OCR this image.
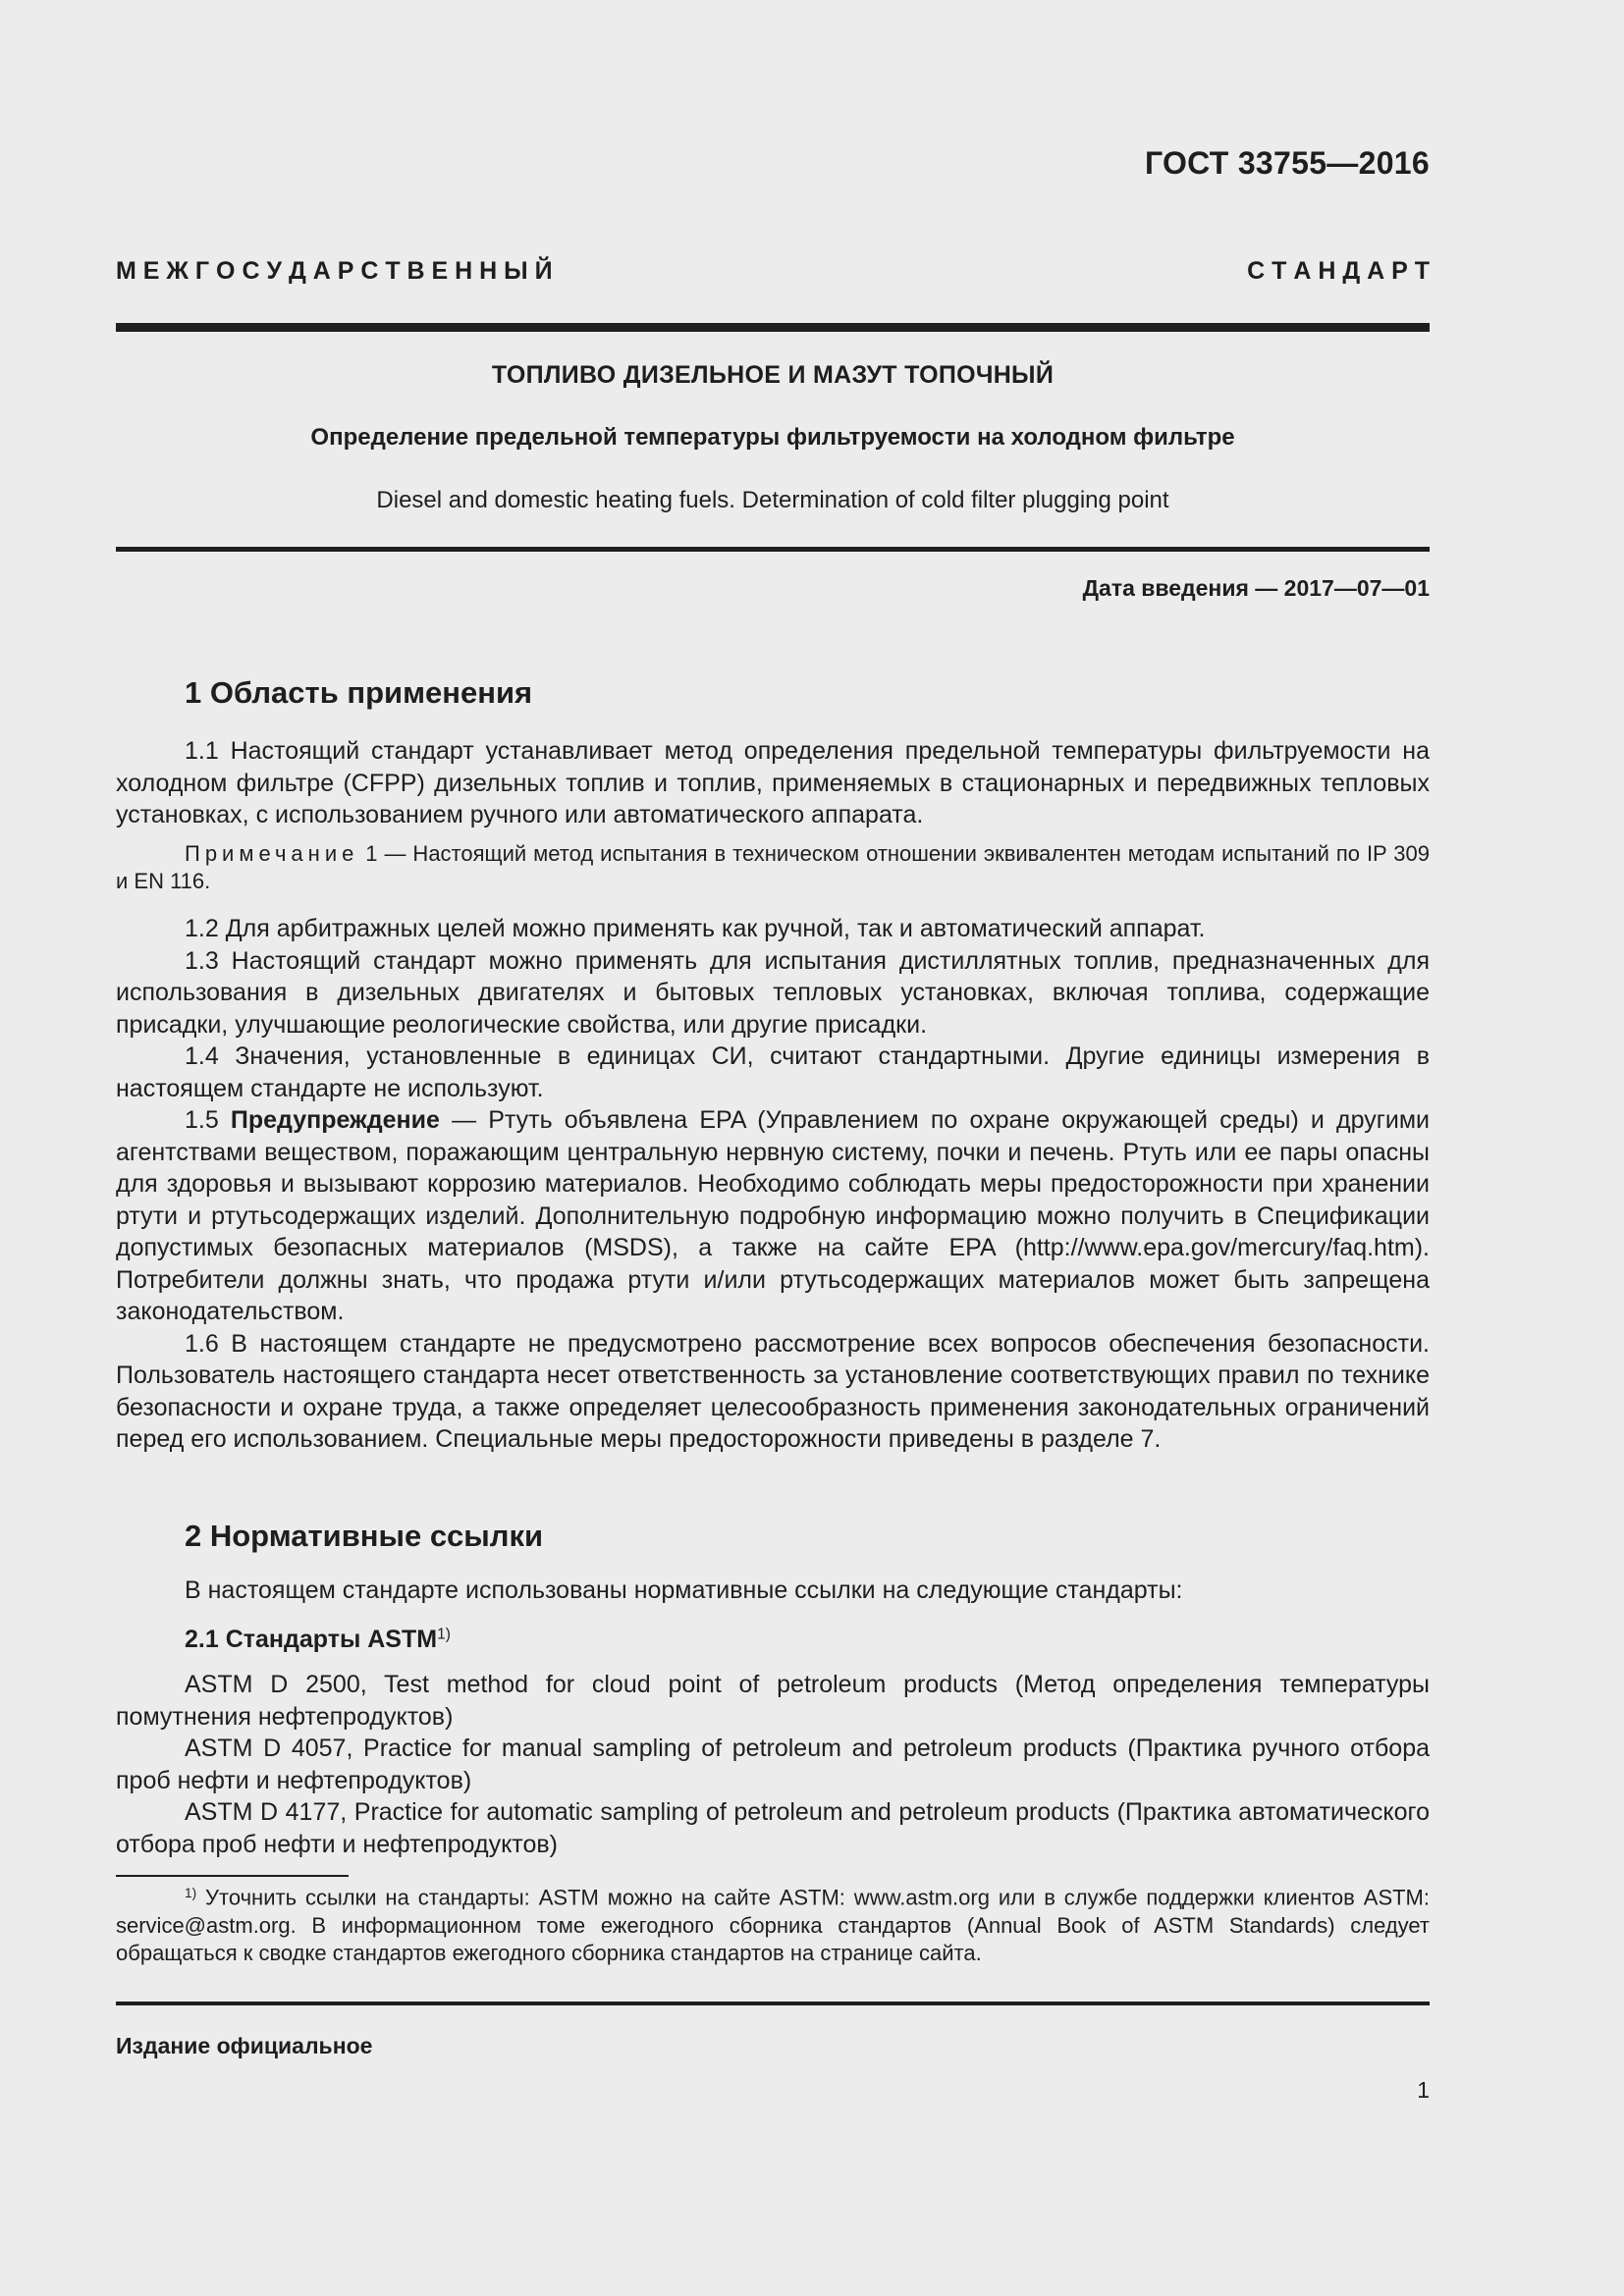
ГОСТ 33755—2016
М Е Ж Г О С У Д А Р С Т В Е Н Н Ы Й	С Т А Н Д А Р Т
ТОПЛИВО ДИЗЕЛЬНОЕ И МАЗУТ ТОПОЧНЫЙ
Определение предельной температуры фильтруемости на холодном фильтре
Diesel and domestic heating fuels. Determination of cold filter plugging point
Дата введения — 2017—07—01
1 Область применения

1.1 Настоящий стандарт устанавливает метод определения предельной температуры фильтруемости на холодном фильтре (CFPP) дизельных топлив и топлив, применяемых в стационарных и передвижных тепловых установках, с использованием ручного или автоматического аппарата.

Примечание 1 — Настоящий метод испытания в техническом отношении эквивалентен методам испытаний по IP 309 и EN 116.

1.2 Для арбитражных целей можно применять как ручной, так и автоматический аппарат.

1.3 Настоящий стандарт можно применять для испытания дистиллятных топлив, предназначенных для использования в дизельных двигателях и бытовых тепловых установках, включая топлива, содержащие присадки, улучшающие реологические свойства, или другие присадки.

1.4 Значения, установленные в единицах СИ, считают стандартными. Другие единицы измерения в настоящем стандарте не используют.

1.5 Предупреждение — Ртуть объявлена EPA (Управлением по охране окружающей среды) и другими агентствами веществом, поражающим центральную нервную систему, почки и печень. Ртуть или ее пары опасны для здоровья и вызывают коррозию материалов. Необходимо соблюдать меры предосторожности при хранении ртути и ртутьсодержащих изделий. Дополнительную подробную информацию можно получить в Спецификации допустимых безопасных материалов (MSDS), а также на сайте EPA (http://www.epa.gov/mercury/faq.htm). Потребители должны знать, что продажа ртути и/или ртутьсодержащих материалов может быть запрещена законодательством.

1.6 В настоящем стандарте не предусмотрено рассмотрение всех вопросов обеспечения безопасности. Пользователь настоящего стандарта несет ответственность за установление соответствующих правил по технике безопасности и охране труда, а также определяет целесообразность применения законодательных ограничений перед его использованием. Специальные меры предосторожности приведены в разделе 7.

2 Нормативные ссылки

В настоящем стандарте использованы нормативные ссылки на следующие стандарты:

2.1 Стандарты ASTM$^{1)}$

ASTM D 2500, Test method for cloud point of petroleum products (Метод определения температуры помутнения нефтепродуктов)

ASTM D 4057, Practice for manual sampling of petroleum and petroleum products (Практика ручного отбора проб нефти и нефтепродуктов)

ASTM D 4177, Practice for automatic sampling of petroleum and petroleum products (Практика автоматического отбора проб нефти и нефтепродуктов)

$^{1)}$ Уточнить ссылки на стандарты: ASTM можно на сайте ASTM: www.astm.org или в службе поддержки клиентов ASTM: service@astm.org. В информационном томе ежегодного сборника стандартов (Annual Book of ASTM Standards) следует обращаться к сводке стандартов ежегодного сборника стандартов на странице сайта.

Издание официальное
1
